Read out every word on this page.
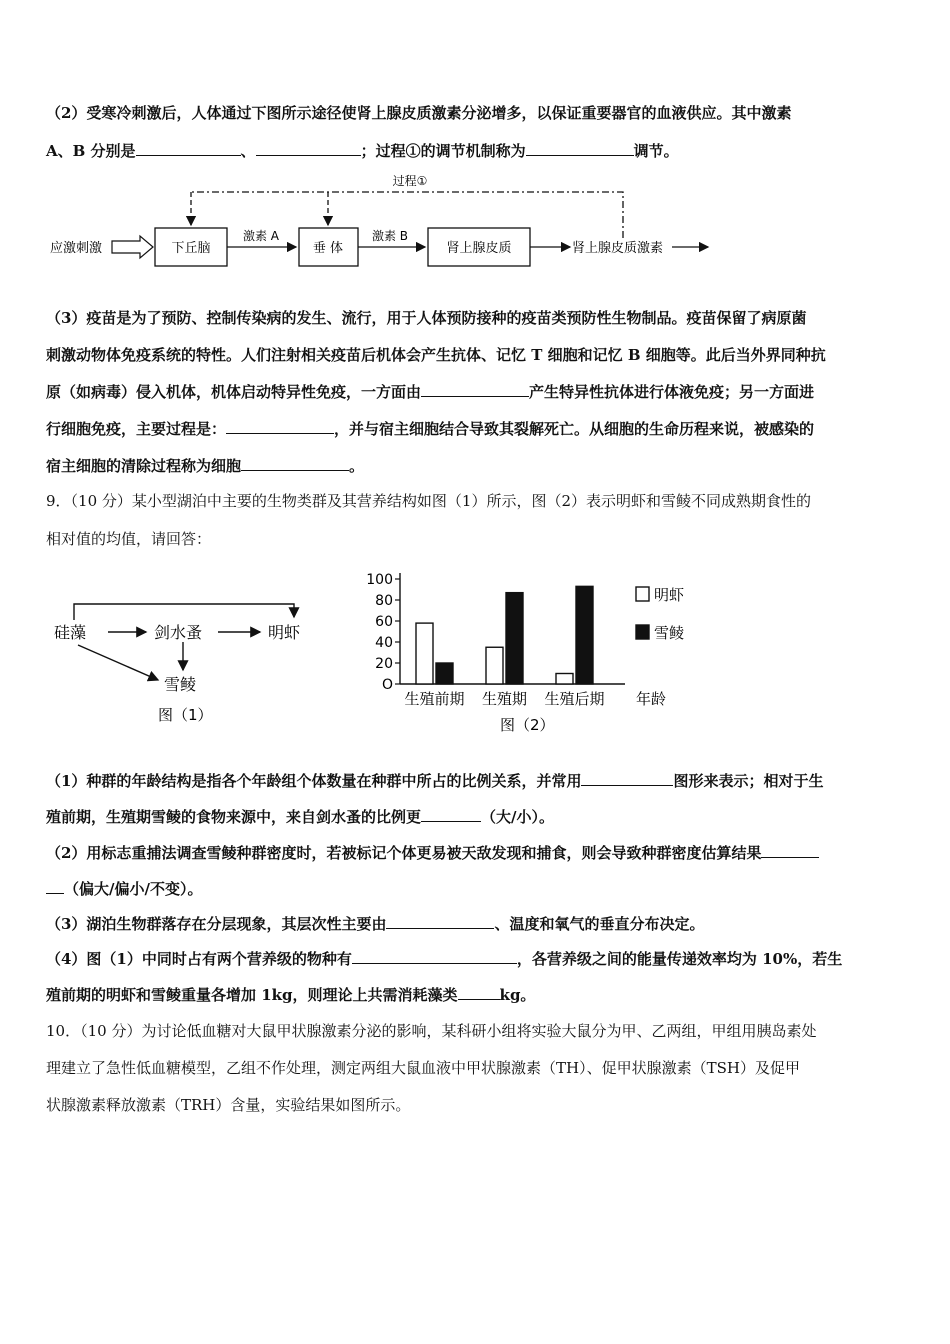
（2）受寒冷刺激后，人体通过下图所示途径使肾上腺皮质激素分泌增多，以保证重要器官的血液供应。其中激素
A、B 分别是	、	；过程①的调节机制称为	调节。
应激刺激	下丘脑
激素 A
垂 体
激素 B
肾上腺皮质	肾上腺皮质激素
过程①
（3）疫苗是为了预防、控制传染病的发生、流行，用于人体预防接种的疫苗类预防性生物制品。疫苗保留了病原菌
刺激动物体免疫系统的特性。人们注射相关疫苗后机体会产生抗体、记忆 T 细胞和记忆 B 细胞等。此后当外界同种抗
原（如病毒）侵入机体，机体启动特异性免疫，一方面由	产生特异性抗体进行体液免疫；另一方面进
行细胞免疫，主要过程是：	，并与宿主细胞结合导致其裂解死亡。从细胞的生命历程来说，被感染的
宿主细胞的清除过程称为细胞	。
9．（10 分）某小型湖泊中主要的生物类群及其营养结构如图（1）所示，图（2）表示明虾和雪鲮不同成熟期食性的
相对值的均值，请回答：
硅藻	剑水蚤	明虾
雪鲮
图（1）
100
80
60
40
20
O
生殖前期 生殖期 生殖后期 年龄
明虾
雪鲮
图（2）
（1）种群的年龄结构是指各个年龄组个体数量在种群中所占的比例关系，并常用	图形来表示；相对于生
殖前期，生殖期雪鲮的食物来源中，来自剑水蚤的比例更	（大/小）。
（2）用标志重捕法调查雪鲮种群密度时，若被标记个体更易被天敌发现和捕食，则会导致种群密度估算结果
（偏大/偏小/不变）。
（3）湖泊生物群落存在分层现象，其层次性主要由	、温度和氧气的垂直分布决定。
（4）图（1）中同时占有两个营养级的物种有	，各营养级之间的能量传递效率均为 10%，若生
殖前期的明虾和雪鲮重量各增加 1kg，则理论上共需消耗藻类	kg。
10．（10 分）为讨论低血糖对大鼠甲状腺激素分泌的影响，某科研小组将实验大鼠分为甲、乙两组，甲组用胰岛素处
理建立了急性低血糖模型，乙组不作处理，测定两组大鼠血液中甲状腺激素（TH）、促甲状腺激素（TSH）及促甲
状腺激素释放激素（TRH）含量，实验结果如图所示。
